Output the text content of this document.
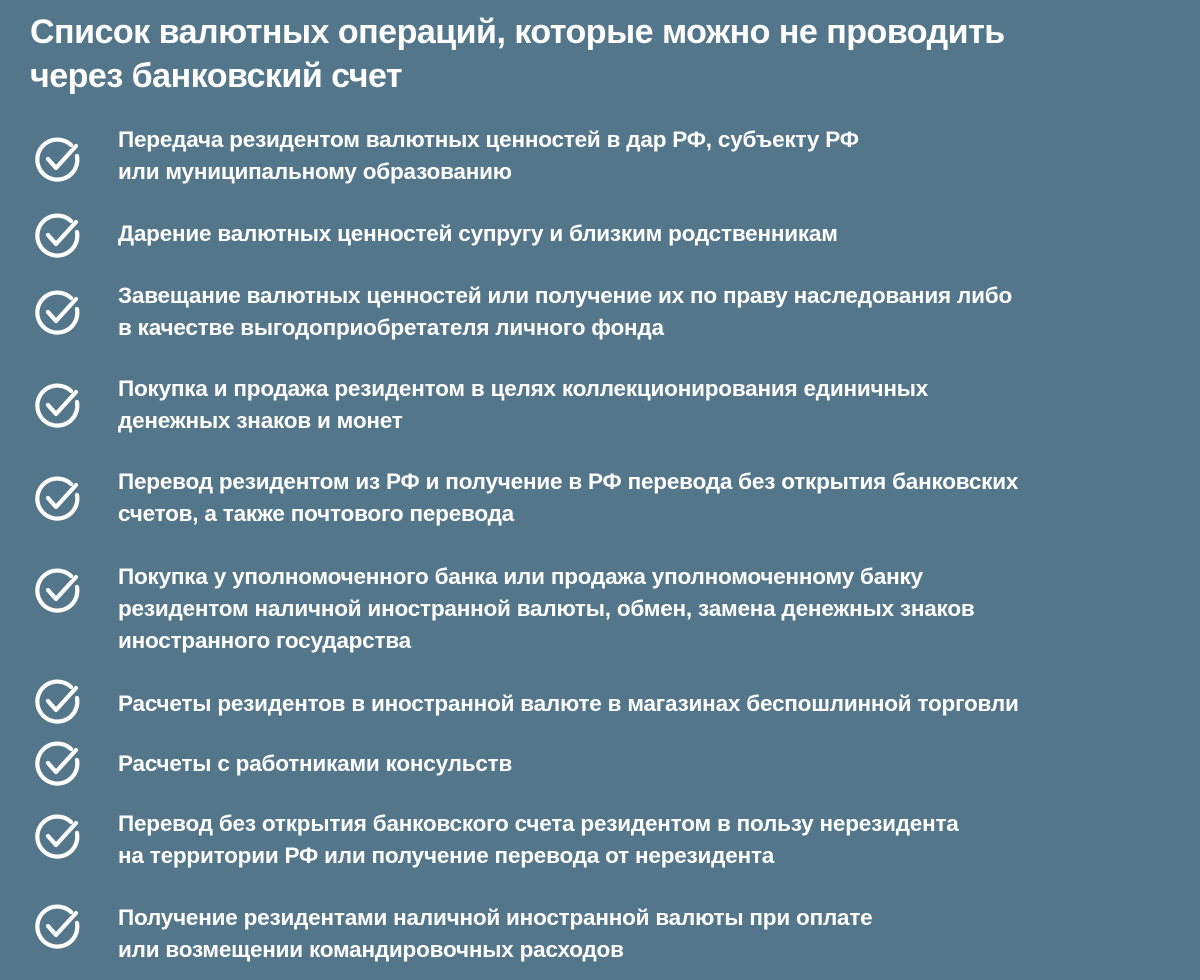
Список валютных операций, которые можно не проводить
через банковский счет
Передача резидентом валютных ценностей в дар РФ, субъекту РФ
или муниципальному образованию
Дарение валютных ценностей супругу и близким родственникам
Завещание валютных ценностей или получение их по праву наследования либо
в качестве выгодоприобретателя личного фонда
Покупка и продажа резидентом в целях коллекционирования единичных
денежных знаков и монет
Перевод резидентом из РФ и получение в РФ перевода без открытия банковских
счетов, а также почтового перевода
Покупка у уполномоченного банка или продажа уполномоченному банку
резидентом наличной иностранной валюты, обмен, замена денежных знаков
иностранного государства
Расчеты резидентов в иностранной валюте в магазинах беспошлинной торговли
Расчеты с работниками консульств
Перевод без открытия банковского счета резидентом в пользу нерезидента
на территории РФ или получение перевода от нерезидента
Получение резидентами наличной иностранной валюты при оплате
или возмещении командировочных расходов
